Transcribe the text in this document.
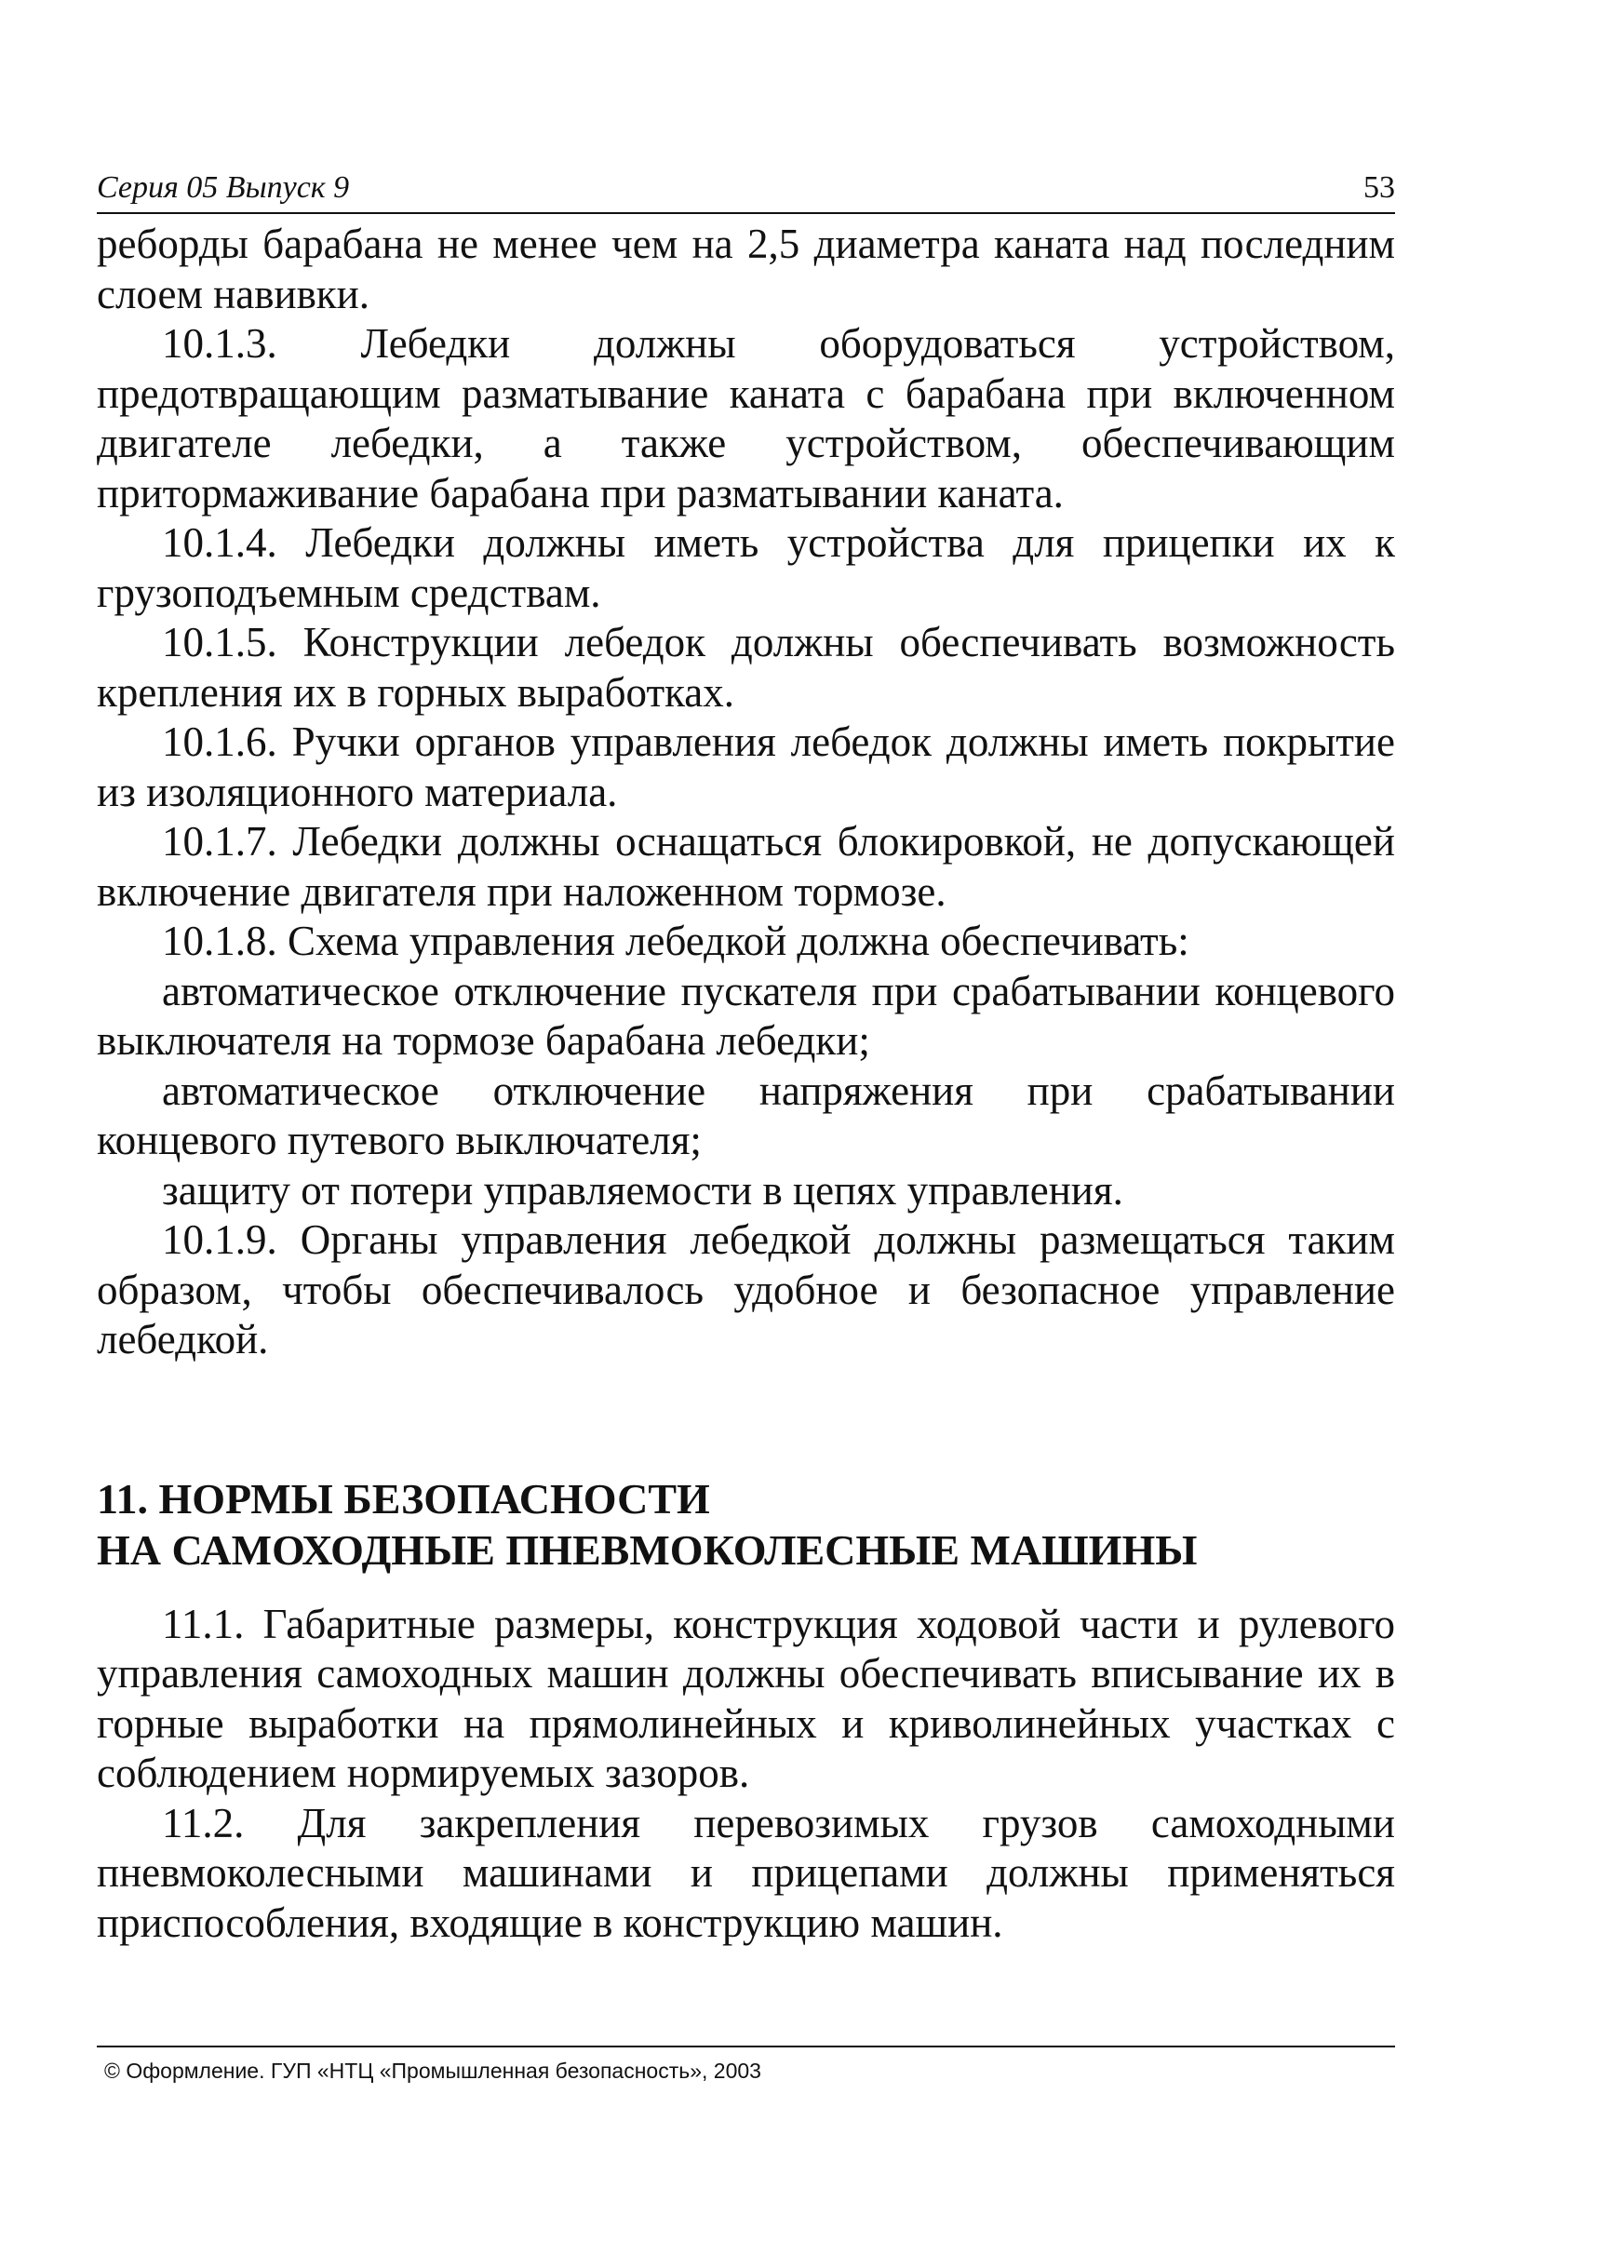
Серия 05 Выпуск 9	53

реборды барабана не менее чем на 2,5 диаметра каната над последним слоем навивки.

10.1.3. Лебедки должны оборудоваться устройством, предотвращающим разматывание каната с барабана при включенном двигателе лебедки, а также устройством, обеспечивающим притормаживание барабана при разматывании каната.

10.1.4. Лебедки должны иметь устройства для прицепки их к грузоподъемным средствам.

10.1.5. Конструкции лебедок должны обеспечивать возможность крепления их в горных выработках.

10.1.6. Ручки органов управления лебедок должны иметь покрытие из изоляционного материала.

10.1.7. Лебедки должны оснащаться блокировкой, не допускающей включение двигателя при наложенном тормозе.

10.1.8. Схема управления лебедкой должна обеспечивать:

автоматическое отключение пускателя при срабатывании концевого выключателя на тормозе барабана лебедки;

автоматическое отключение напряжения при срабатывании концевого путевого выключателя;

защиту от потери управляемости в цепях управления.

10.1.9. Органы управления лебедкой должны размещаться таким образом, чтобы обеспечивалось удобное и безопасное управление лебедкой.

11. НОРМЫ БЕЗОПАСНОСТИ
НА САМОХОДНЫЕ ПНЕВМОКОЛЕСНЫЕ МАШИНЫ

11.1. Габаритные размеры, конструкция ходовой части и рулевого управления самоходных машин должны обеспечивать вписывание их в горные выработки на прямолинейных и криволинейных участках с соблюдением нормируемых зазоров.

11.2. Для закрепления перевозимых грузов самоходными пневмоколесными машинами и прицепами должны применяться приспособления, входящие в конструкцию машин.

© Оформление. ГУП «НТЦ «Промышленная безопасность», 2003
